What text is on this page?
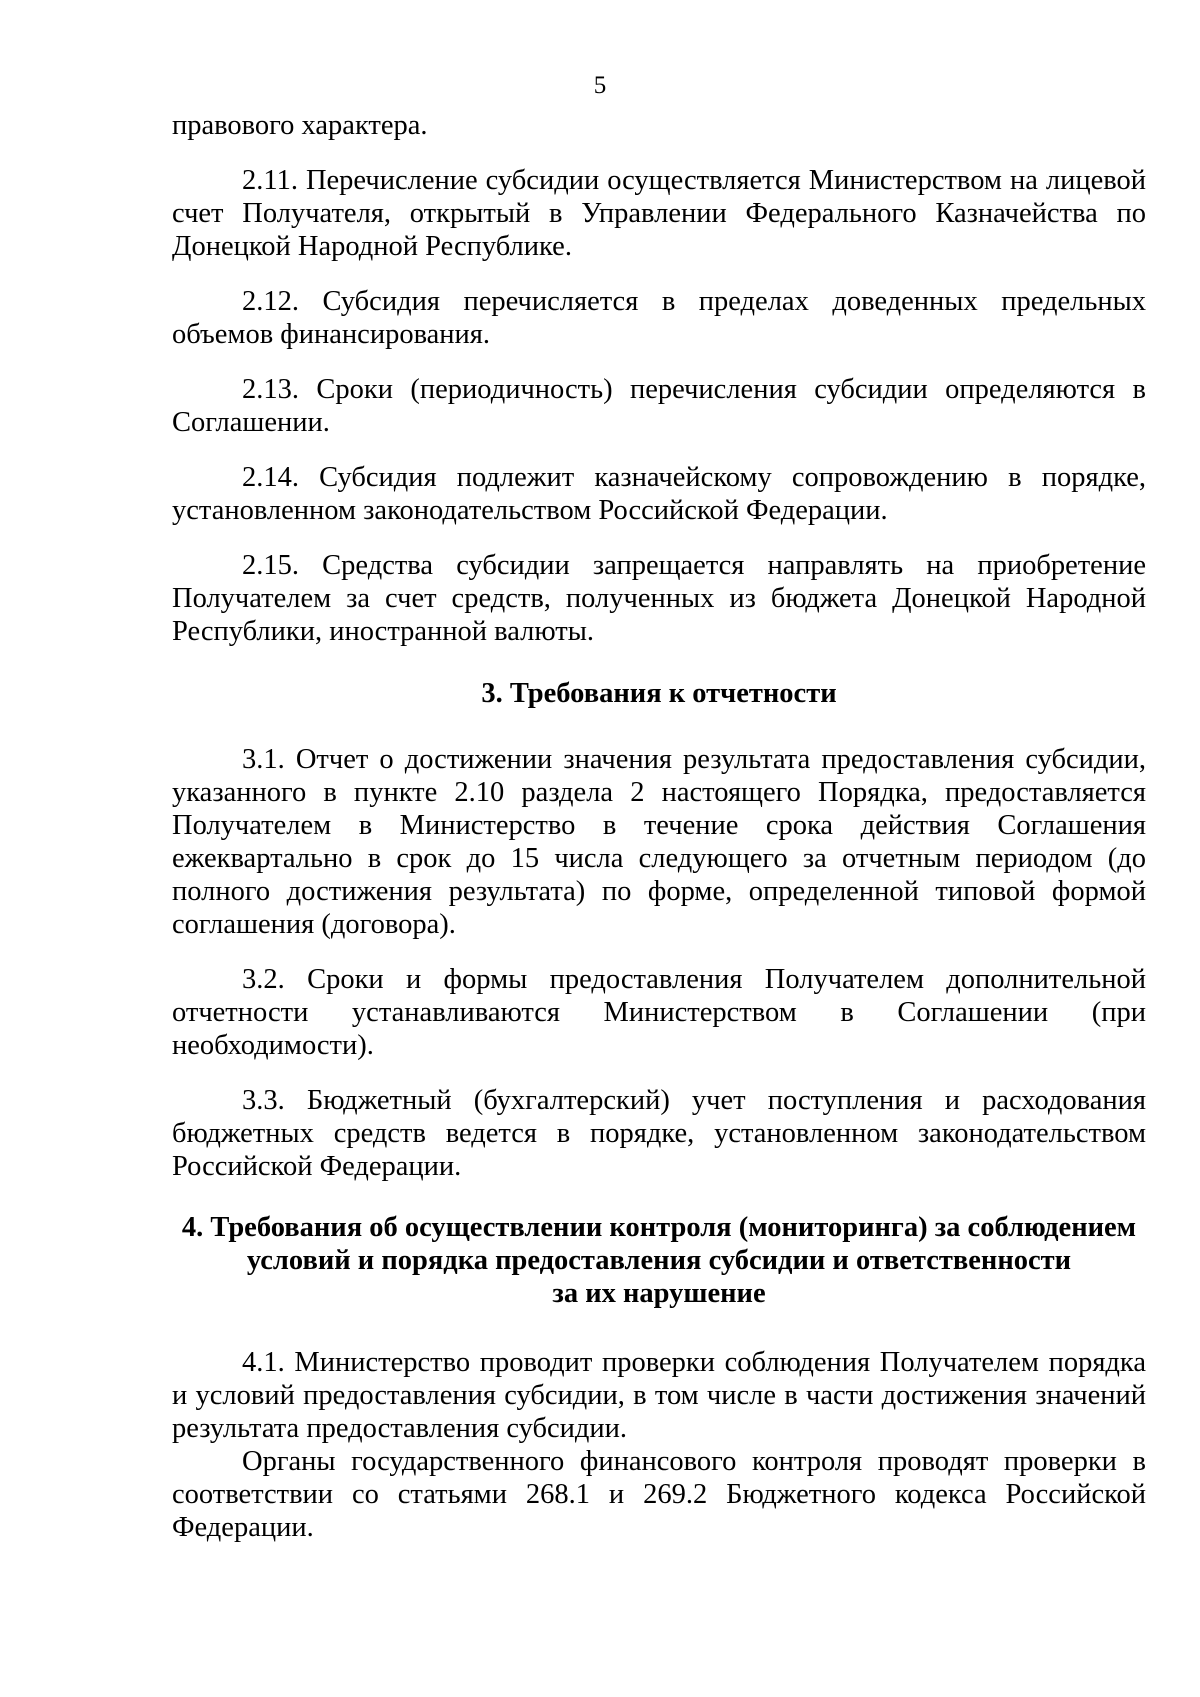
5

правового характера.

2.11. Перечисление субсидии осуществляется Министерством на лицевой счет Получателя, открытый в Управлении Федерального Казначейства по Донецкой Народной Республике.

2.12. Субсидия перечисляется в пределах доведенных предельных объемов финансирования.

2.13. Сроки (периодичность) перечисления субсидии определяются в Соглашении.

2.14. Субсидия подлежит казначейскому сопровождению в порядке, установленном законодательством Российской Федерации.

2.15. Средства субсидии запрещается направлять на приобретение Получателем за счет средств, полученных из бюджета Донецкой Народной Республики, иностранной валюты.

3. Требования к отчетности

3.1. Отчет о достижении значения результата предоставления субсидии, указанного в пункте 2.10 раздела 2 настоящего Порядка, предоставляется Получателем в Министерство в течение срока действия Соглашения ежеквартально в срок до 15 числа следующего за отчетным периодом (до полного достижения результата) по форме, определенной типовой формой соглашения (договора).

3.2. Сроки и формы предоставления Получателем дополнительной отчетности устанавливаются Министерством в Соглашении (при необходимости).

3.3. Бюджетный (бухгалтерский) учет поступления и расходования бюджетных средств ведется в порядке, установленном законодательством Российской Федерации.

4. Требования об осуществлении контроля (мониторинга) за соблюдением
условий и порядка предоставления субсидии и ответственности
за их нарушение

4.1. Министерство проводит проверки соблюдения Получателем порядка и условий предоставления субсидии, в том числе в части достижения значений результата предоставления субсидии.

Органы государственного финансового контроля проводят проверки в соответствии со статьями 268.1 и 269.2 Бюджетного кодекса Российской Федерации.
